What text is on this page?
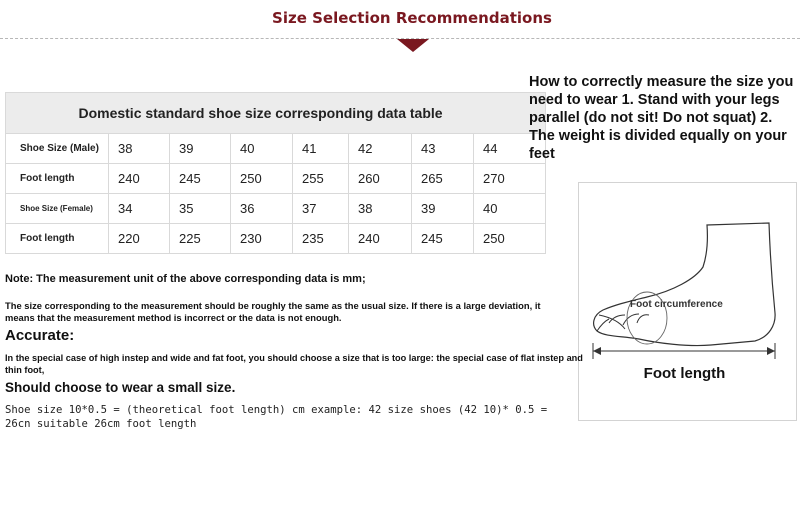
Size Selection Recommendations
Domestic standard shoe size corresponding data table							
Shoe Size (Male)	38	39	40	41	42	43	44
Foot length	240	245	250	255	260	265	270
Shoe Size (Female)	34	35	36	37	38	39	40
Foot length	220	225	230	235	240	245	250
How to correctly measure the size you need to wear 1. Stand with your legs parallel (do not sit! Do not squat) 2. The weight is divided equally on your feet
Foot circumference
Foot length
Note: The measurement unit of the above corresponding data is mm;
The size corresponding to the measurement should be roughly the same as the usual size. If there is a large deviation, it means that the measurement method is incorrect or the data is not enough.
Accurate:
In the special case of high instep and wide and fat foot, you should choose a size that is too large: the special case of flat instep and thin foot,
Should choose to wear a small size.
Shoe size 10*0.5 = (theoretical foot length) cm example: 42 size shoes (42 10)* 0.5 = 26cn suitable 26cm foot length
